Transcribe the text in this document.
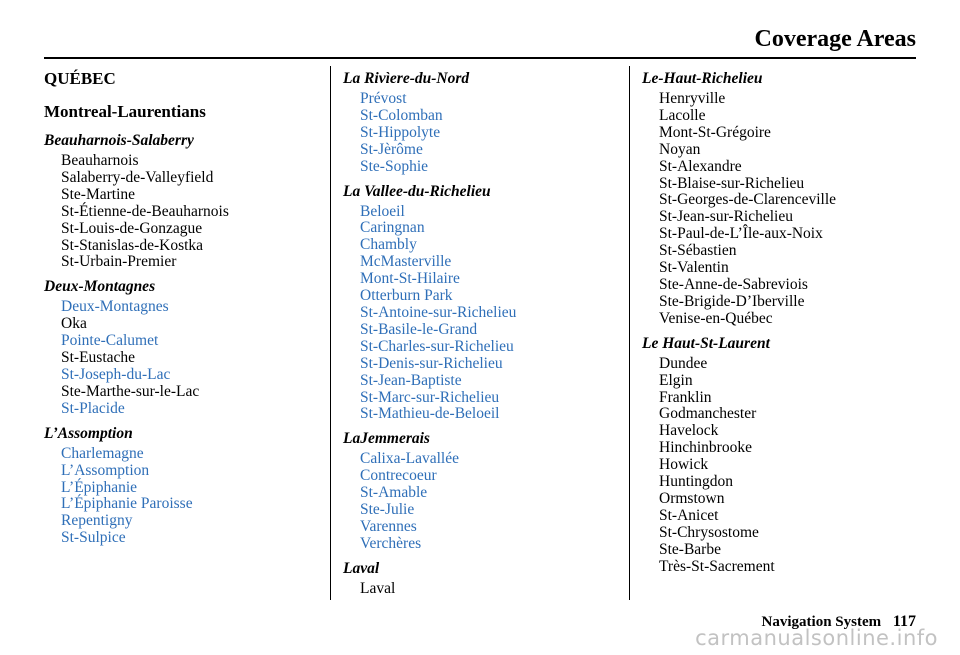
Coverage Areas
QUÉBEC
Montreal-Laurentians
Beauharnois-Salaberry
Beauharnois
Salaberry-de-Valleyfield
Ste-Martine
St-Étienne-de-Beauharnois
St-Louis-de-Gonzague
St-Stanislas-de-Kostka
St-Urbain-Premier
Deux-Montagnes
Deux-Montagnes
Oka
Pointe-Calumet
St-Eustache
St-Joseph-du-Lac
Ste-Marthe-sur-le-Lac
St-Placide
L’Assomption
Charlemagne
L’Assomption
L’Épiphanie
L’Épiphanie Paroisse
Repentigny
St-Sulpice
La Rivìere-du-Nord
Prévost
St-Colomban
St-Hippolyte
St-Jèrôme
Ste-Sophie
La Vallee-du-Richelieu
Beloeil
Caringnan
Chambly
McMasterville
Mont-St-Hilaire
Otterburn Park
St-Antoine-sur-Richelieu
St-Basile-le-Grand
St-Charles-sur-Richelieu
St-Denis-sur-Richelieu
St-Jean-Baptiste
St-Marc-sur-Richelieu
St-Mathieu-de-Beloeil
LaJemmerais
Calixa-Lavallée
Contrecoeur
St-Amable
Ste-Julie
Varennes
Verchères
Laval
Laval
Le-Haut-Richelieu
Henryville
Lacolle
Mont-St-Grégoire
Noyan
St-Alexandre
St-Blaise-sur-Richelieu
St-Georges-de-Clarenceville
St-Jean-sur-Richelieu
St-Paul-de-L’Île-aux-Noix
St-Sébastien
St-Valentin
Ste-Anne-de-Sabreviois
Ste-Brigide-D’Iberville
Venise-en-Québec
Le Haut-St-Laurent
Dundee
Elgin
Franklin
Godmanchester
Havelock
Hinchinbrooke
Howick
Huntingdon
Ormstown
St-Anicet
St-Chrysostome
Ste-Barbe
Très-St-Sacrement
Navigation System 117
carmanualsonline.info
